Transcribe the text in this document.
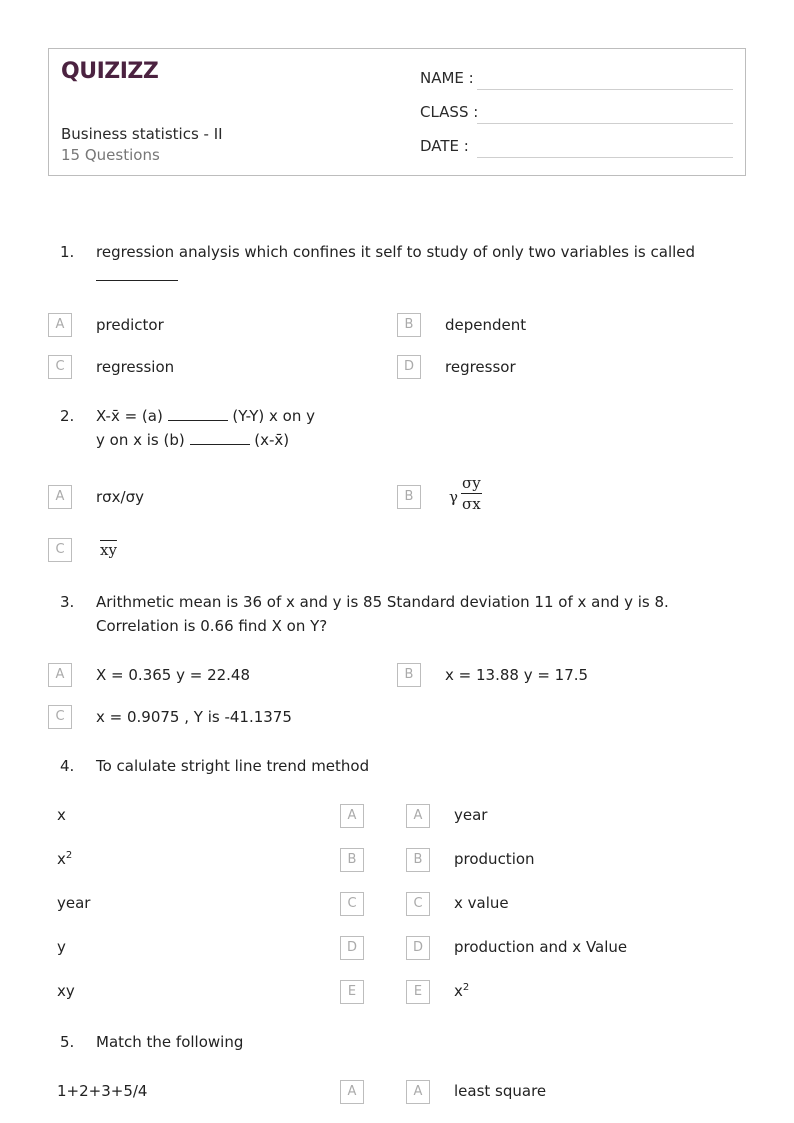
QUIZIZZ
Business statistics - II
15 Questions
NAME :
CLASS :
DATE :
1. regression analysis which confines it self to study of only two variables is called

A	predictor	B	dependent
C	regression	D	regressor
2. X-x̄ = (a)	(Y-Y) x on y
y on x is (b)	(x-x̄)
A	rσx/σy	B	γ $\frac{\sigma y}{\sigma x}$
C	$\overline{xy}$
3. Arithmetic mean is 36 of x and y is 85 Standard deviation 11 of x and y is 8. Correlation is 0.66 find X on Y?
A	X = 0.365 y = 22.48	B	x = 13.88 y = 17.5
C	x = 0.9075 , Y is -41.1375
4. To calulate stright line trend method
x	A	A	year
$x^2$	B	B	production
year	C	C	x value
y	D	D	production and x Value
xy	E	E	$x^2$
5. Match the following
1+2+3+5/4	A	A	least square
